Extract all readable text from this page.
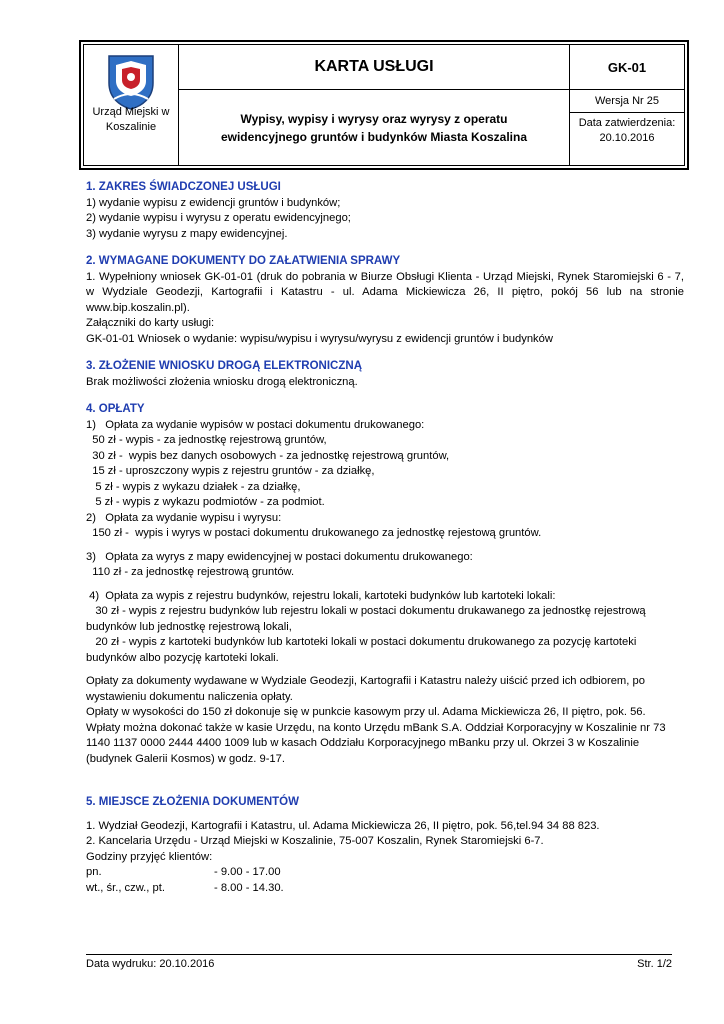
Urząd Miejski w Koszalinie
KARTA USŁUGI
Wypisy, wypisy i wyrysy oraz wyrysy z operatu ewidencyjnego gruntów i budynków Miasta Koszalina
GK-01
Wersja Nr 25
Data zatwierdzenia:
20.10.2016
1. ZAKRES ŚWIADCZONEJ USŁUGI
1) wydanie wypisu z ewidencji gruntów i budynków;
2) wydanie wypisu i wyrysu z operatu ewidencyjnego;
3) wydanie wyrysu z mapy ewidencyjnej.
2. WYMAGANE DOKUMENTY DO ZAŁATWIENIA SPRAWY
1. Wypełniony wniosek GK-01-01 (druk do pobrania w Biurze Obsługi Klienta - Urząd Miejski, Rynek Staromiejski 6 - 7, w Wydziale Geodezji, Kartografii i Katastru - ul. Adama Mickiewicza 26, II piętro, pokój 56 lub na stronie www.bip.koszalin.pl).
Załączniki do karty usługi:
GK-01-01 Wniosek o wydanie: wypisu/wypisu i wyrysu/wyrysu z ewidencji gruntów i budynków
3. ZŁOŻENIE WNIOSKU DROGĄ ELEKTRONICZNĄ
Brak możliwości złożenia wniosku drogą elektroniczną.
4. OPŁATY
1)   Opłata za wydanie wypisów w postaci dokumentu drukowanego:
50 zł - wypis - za jednostkę rejestrową gruntów,
30 zł -  wypis bez danych osobowych - za jednostkę rejestrową gruntów,
15 zł - uproszczony wypis z rejestru gruntów - za działkę,
5 zł - wypis z wykazu działek - za działkę,
5 zł - wypis z wykazu podmiotów - za podmiot.
2)   Opłata za wydanie wypisu i wyrysu:
150 zł -  wypis i wyrys w postaci dokumentu drukowanego za jednostkę rejestową gruntów.
3)   Opłata za wyrys z mapy ewidencyjnej w postaci dokumentu drukowanego:
110 zł - za jednostkę rejestrową gruntów.
4)  Opłata za wypis z rejestru budynków, rejestru lokali, kartoteki budynków lub kartoteki lokali:
30 zł - wypis z rejestru budynków lub rejestru lokali w postaci dokumentu drukawanego za jednostkę rejestrową budynków lub jednostkę rejestrową lokali,
20 zł - wypis z kartoteki budynków lub kartoteki lokali w postaci dokumentu drukowanego za pozycję kartoteki budynków albo pozycję kartoteki lokali.
Opłaty za dokumenty wydawane w Wydziale Geodezji, Kartografii i Katastru należy uiścić przed ich odbiorem, po wystawieniu dokumentu naliczenia opłaty.
Opłaty w wysokości do 150 zł dokonuje się w punkcie kasowym przy ul. Adama Mickiewicza 26, II piętro, pok. 56. Wpłaty można dokonać także w kasie Urzędu, na konto Urzędu mBank S.A. Oddział Korporacyjny w Koszalinie nr 73 1140 1137 0000 2444 4400 1009 lub w kasach Oddziału Korporacyjnego mBanku przy ul. Okrzei 3 w Koszalinie (budynek Galerii Kosmos) w godz. 9-17.
5. MIEJSCE ZŁOŻENIA DOKUMENTÓW
1. Wydział Geodezji, Kartografii i Katastru, ul. Adama Mickiewicza 26, II piętro, pok. 56,tel.94 34 88 823.
2. Kancelaria Urzędu - Urząd Miejski w Koszalinie, 75-007 Koszalin, Rynek Staromiejski 6-7.
Godziny przyjęć klientów:
pn.	- 9.00 - 17.00
wt., śr., czw., pt.	- 8.00 - 14.30.
Data wydruku: 20.10.2016	Str. 1/2
